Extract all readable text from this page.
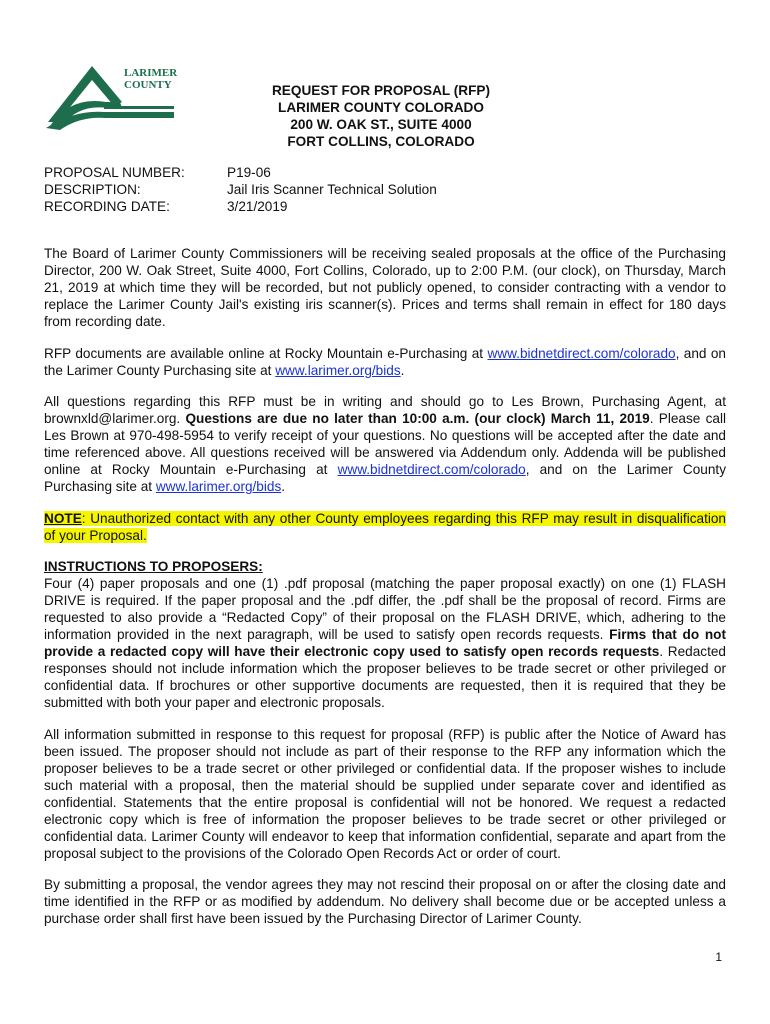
LARIMER
COUNTY	REQUEST FOR PROPOSAL (RFP)
LARIMER COUNTY COLORADO
200 W. OAK ST., SUITE 4000
FORT COLLINS, COLORADO
PROPOSAL NUMBER:	P19-06
DESCRIPTION:	Jail Iris Scanner Technical Solution
RECORDING DATE:	3/21/2019

The Board of Larimer County Commissioners will be receiving sealed proposals at the office of the Purchasing Director, 200 W. Oak Street, Suite 4000, Fort Collins, Colorado, up to 2:00 P.M. (our clock), on Thursday, March 21, 2019 at which time they will be recorded, but not publicly opened, to consider contracting with a vendor to replace the Larimer County Jail's existing iris scanner(s). Prices and terms shall remain in effect for 180 days from recording date.

RFP documents are available online at Rocky Mountain e-Purchasing at www.bidnetdirect.com/colorado, and on the Larimer County Purchasing site at www.larimer.org/bids.

All questions regarding this RFP must be in writing and should go to Les Brown, Purchasing Agent, at brownxld@larimer.org. Questions are due no later than 10:00 a.m. (our clock) March 11, 2019. Please call Les Brown at 970-498-5954 to verify receipt of your questions. No questions will be accepted after the date and time referenced above. All questions received will be answered via Addendum only. Addenda will be published online at Rocky Mountain e-Purchasing at www.bidnetdirect.com/colorado, and on the Larimer County Purchasing site at www.larimer.org/bids.

NOTE: Unauthorized contact with any other County employees regarding this RFP may result in disqualification of your Proposal.

INSTRUCTIONS TO PROPOSERS:
Four (4) paper proposals and one (1) .pdf proposal (matching the paper proposal exactly) on one (1) FLASH DRIVE is required. If the paper proposal and the .pdf differ, the .pdf shall be the proposal of record. Firms are requested to also provide a “Redacted Copy” of their proposal on the FLASH DRIVE, which, adhering to the information provided in the next paragraph, will be used to satisfy open records requests. Firms that do not provide a redacted copy will have their electronic copy used to satisfy open records requests. Redacted responses should not include information which the proposer believes to be trade secret or other privileged or confidential data. If brochures or other supportive documents are requested, then it is required that they be submitted with both your paper and electronic proposals.

All information submitted in response to this request for proposal (RFP) is public after the Notice of Award has been issued. The proposer should not include as part of their response to the RFP any information which the proposer believes to be a trade secret or other privileged or confidential data. If the proposer wishes to include such material with a proposal, then the material should be supplied under separate cover and identified as confidential. Statements that the entire proposal is confidential will not be honored. We request a redacted electronic copy which is free of information the proposer believes to be trade secret or other privileged or confidential data. Larimer County will endeavor to keep that information confidential, separate and apart from the proposal subject to the provisions of the Colorado Open Records Act or order of court.

By submitting a proposal, the vendor agrees they may not rescind their proposal on or after the closing date and time identified in the RFP or as modified by addendum. No delivery shall become due or be accepted unless a purchase order shall first have been issued by the Purchasing Director of Larimer County.

1
